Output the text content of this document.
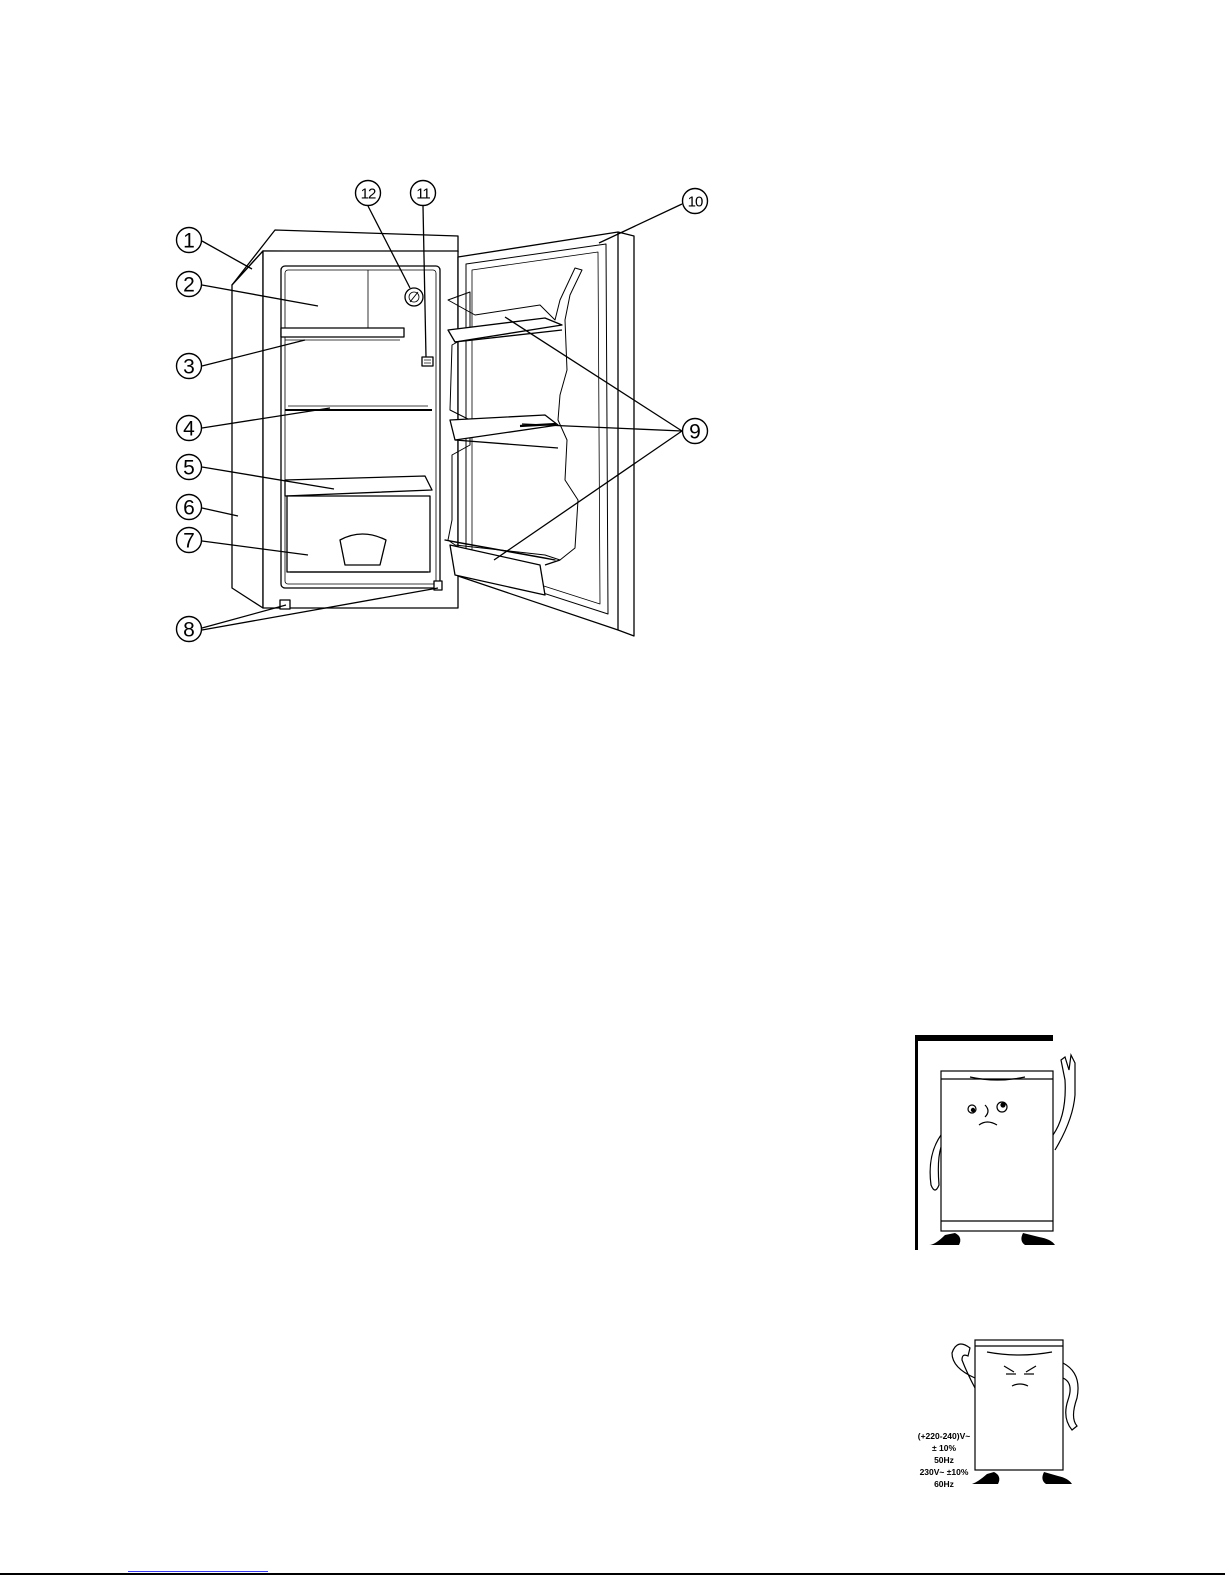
1
2
3
4
5
6
7
8
9
10
11
12
(+220-240)V~
± 10%
50Hz
230V~ ±10%
60Hz
